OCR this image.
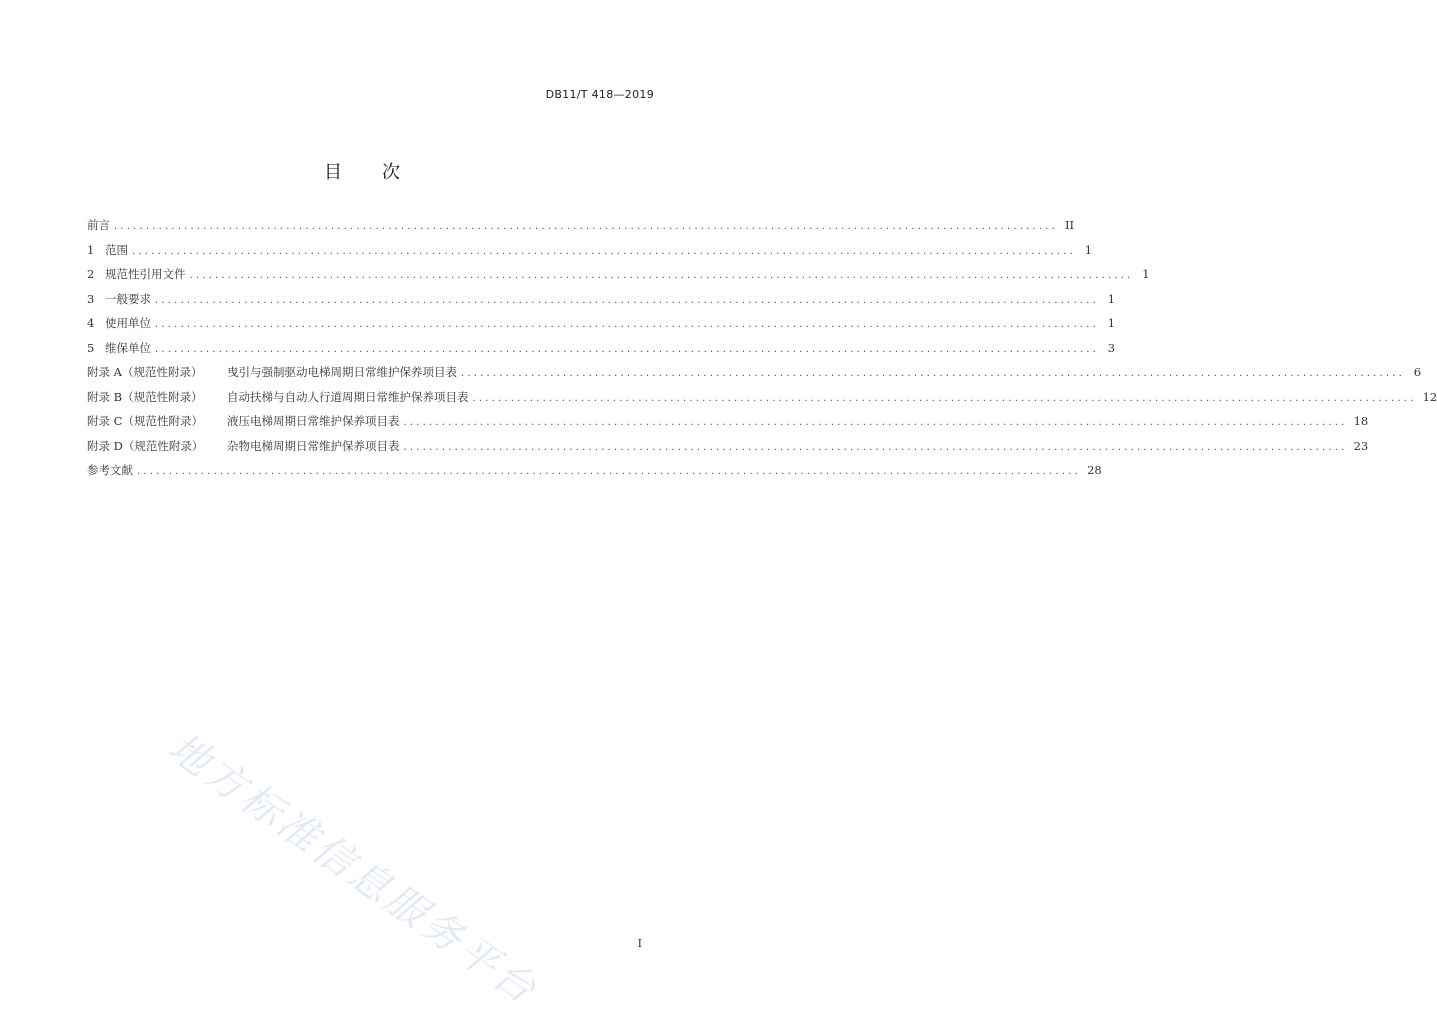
DB11/T 418—2019
目 次
前言 .................................................................................................................................................... II
1 范围 .................................................................................................................................................... 1
2 规范性引用文件 .................................................................................................................................................... 1
3 一般要求 .................................................................................................................................................... 1
4 使用单位 .................................................................................................................................................... 1
5 维保单位 .................................................................................................................................................... 3
附录 A（规范性附录） 曳引与强制驱动电梯周期日常维护保养项目表 .................................................................................................................................................... 6
附录 B（规范性附录） 自动扶梯与自动人行道周期日常维护保养项目表 .................................................................................................................................................... 12
附录 C（规范性附录） 液压电梯周期日常维护保养项目表 .................................................................................................................................................... 18
附录 D（规范性附录） 杂物电梯周期日常维护保养项目表 .................................................................................................................................................... 23
参考文献 .................................................................................................................................................... 28
地方标准信息服务平台	I
